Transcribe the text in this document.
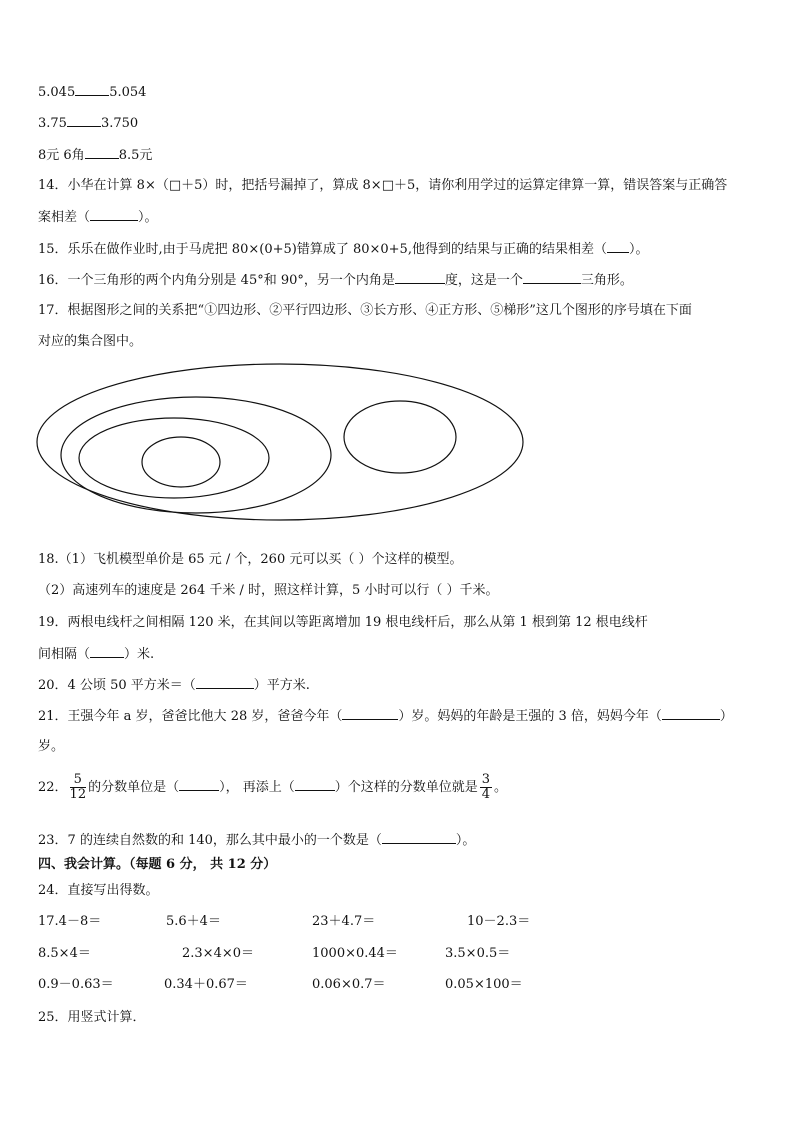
5.045	5.054
3.75	3.750
8元 6角	8.5元
14．小华在计算 8×（□＋5）时，把括号漏掉了，算成 8×□＋5，请你利用学过的运算定律算一算，错误答案与正确答
案相差（	）。
15．乐乐在做作业时,由于马虎把 80×(0+5)错算成了 80×0+5,他得到的结果与正确的结果相差（ ）。
16．一个三角形的两个内角分别是 45°和 90°，另一个内角是	度，这是一个	三角形。
17．根据图形之间的关系把“①四边形、②平行四边形、③长方形、④正方形、⑤梯形”这几个图形的序号填在下面
对应的集合图中。
18.（1）飞机模型单价是 65 元 / 个，260 元可以买（ ）个这样的模型。
（2）高速列车的速度是 264 千米 / 时，照这样计算，5 小时可以行（ ）千米。
19．两根电线杆之间相隔 120 米，在其间以等距离增加 19 根电线杆后，那么从第 1 根到第 12 根电线杆
间相隔（	）米.
20．4 公顷 50 平方米＝（	）平方米.
21．王强今年 a 岁，爸爸比他大 28 岁，爸爸今年（	）岁。妈妈的年龄是王强的 3 倍，妈妈今年（	）
岁。
22． $\frac{5}{12}$ 的分数单位是（	）， 再添上（	）个这样的分数单位就是 $\frac{3}{4}$ 。
23．7 的连续自然数的和 140，那么其中最小的一个数是（	）。
四、我会计算。（每题 6 分， 共 12 分）
24．直接写出得数。
17.4－8＝	5.6＋4＝	23＋4.7＝	10－2.3＝
8.5×4＝	2.3×4×0＝	1000×0.44＝	3.5×0.5＝
0.9－0.63＝	0.34＋0.67＝	0.06×0.7＝	0.05×100＝
25．用竖式计算．
